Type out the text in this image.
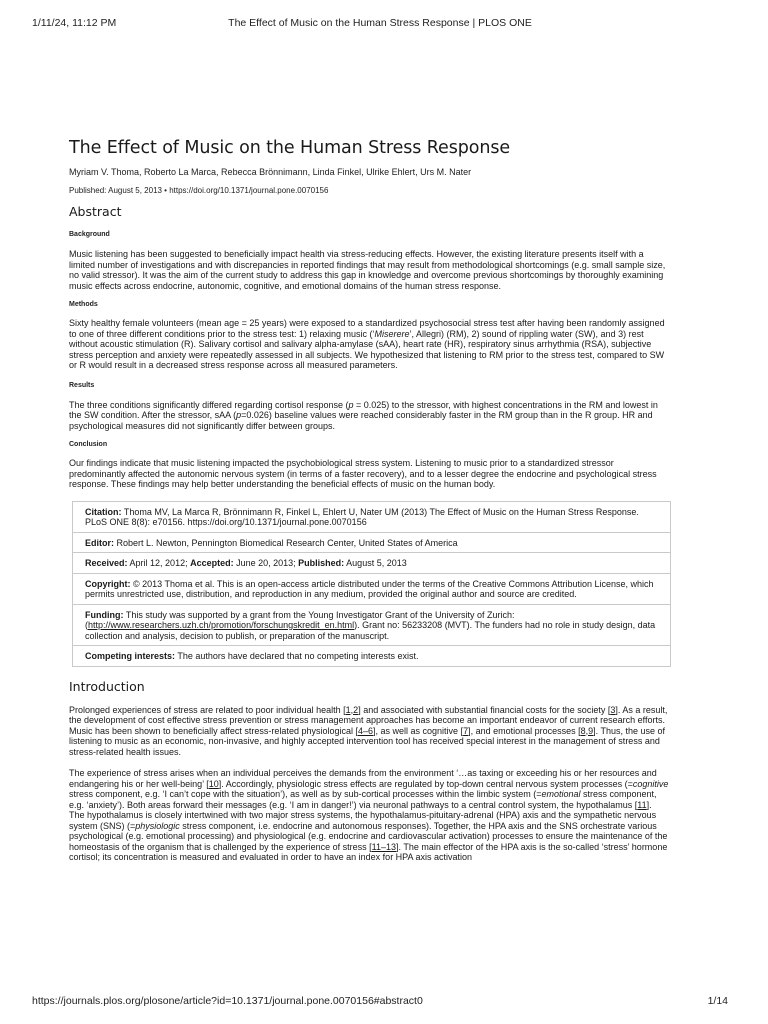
1/11/24, 11:12 PM	The Effect of Music on the Human Stress Response | PLOS ONE
The Effect of Music on the Human Stress Response
Myriam V. Thoma, Roberto La Marca, Rebecca Brönnimann, Linda Finkel, Ulrike Ehlert, Urs M. Nater
Published: August 5, 2013 • https://doi.org/10.1371/journal.pone.0070156
Abstract
Background

Music listening has been suggested to beneficially impact health via stress-reducing effects. However, the existing literature presents itself with a limited number of investigations and with discrepancies in reported findings that may result from methodological shortcomings (e.g. small sample size, no valid stressor). It was the aim of the current study to address this gap in knowledge and overcome previous shortcomings by thoroughly examining music effects across endocrine, autonomic, cognitive, and emotional domains of the human stress response.

Methods

Sixty healthy female volunteers (mean age = 25 years) were exposed to a standardized psychosocial stress test after having been randomly assigned to one of three different conditions prior to the stress test: 1) relaxing music (‘Miserere’, Allegri) (RM), 2) sound of rippling water (SW), and 3) rest without acoustic stimulation (R). Salivary cortisol and salivary alpha-amylase (sAA), heart rate (HR), respiratory sinus arrhythmia (RSA), subjective stress perception and anxiety were repeatedly assessed in all subjects. We hypothesized that listening to RM prior to the stress test, compared to SW or R would result in a decreased stress response across all measured parameters.

Results

The three conditions significantly differed regarding cortisol response (p = 0.025) to the stressor, with highest concentrations in the RM and lowest in the SW condition. After the stressor, sAA (p=0.026) baseline values were reached considerably faster in the RM group than in the R group. HR and psychological measures did not significantly differ between groups.

Conclusion

Our findings indicate that music listening impacted the psychobiological stress system. Listening to music prior to a standardized stressor predominantly affected the autonomic nervous system (in terms of a faster recovery), and to a lesser degree the endocrine and psychological stress response. These findings may help better understanding the beneficial effects of music on the human body.

Citation: Thoma MV, La Marca R, Brönnimann R, Finkel L, Ehlert U, Nater UM (2013) The Effect of Music on the Human Stress Response. PLoS ONE 8(8): e70156. https://doi.org/10.1371/journal.pone.0070156
Editor: Robert L. Newton, Pennington Biomedical Research Center, United States of America
Received: April 12, 2012; Accepted: June 20, 2013; Published: August 5, 2013
Copyright: © 2013 Thoma et al. This is an open-access article distributed under the terms of the Creative Commons Attribution License, which permits unrestricted use, distribution, and reproduction in any medium, provided the original author and source are credited.
Funding: This study was supported by a grant from the Young Investigator Grant of the University of Zurich: (http://www.researchers.uzh.ch/promotion/forschungskredit_en.html). Grant no: 56233208 (MVT). The funders had no role in study design, data collection and analysis, decision to publish, or preparation of the manuscript.
Competing interests: The authors have declared that no competing interests exist.
Introduction

Prolonged experiences of stress are related to poor individual health [1,2] and associated with substantial financial costs for the society [3]. As a result, the development of cost effective stress prevention or stress management approaches has become an important endeavor of current research efforts. Music has been shown to beneficially affect stress-related physiological [4–6], as well as cognitive [7], and emotional processes [8,9]. Thus, the use of listening to music as an economic, non-invasive, and highly accepted intervention tool has received special interest in the management of stress and stress-related health issues.

The experience of stress arises when an individual perceives the demands from the environment ‘…as taxing or exceeding his or her resources and endangering his or her well-being’ [10]. Accordingly, physiologic stress effects are regulated by top-down central nervous system processes (=cognitive stress component, e.g. ‘I can’t cope with the situation’), as well as by sub-cortical processes within the limbic system (=emotional stress component, e.g. ‘anxiety’). Both areas forward their messages (e.g. ‘I am in danger!’) via neuronal pathways to a central control system, the hypothalamus [11]. The hypothalamus is closely intertwined with two major stress systems, the hypothalamus-pituitary-adrenal (HPA) axis and the sympathetic nervous system (SNS) (=physiologic stress component, i.e. endocrine and autonomous responses). Together, the HPA axis and the SNS orchestrate various psychological (e.g. emotional processing) and physiological (e.g. endocrine and cardiovascular activation) processes to ensure the maintenance of the homeostasis of the organism that is challenged by the experience of stress [11–13]. The main effector of the HPA axis is the so-called ‘stress’ hormone cortisol; its concentration is measured and evaluated in order to have an index for HPA axis activation

https://journals.plos.org/plosone/article?id=10.1371/journal.pone.0070156#abstract0	1/14
